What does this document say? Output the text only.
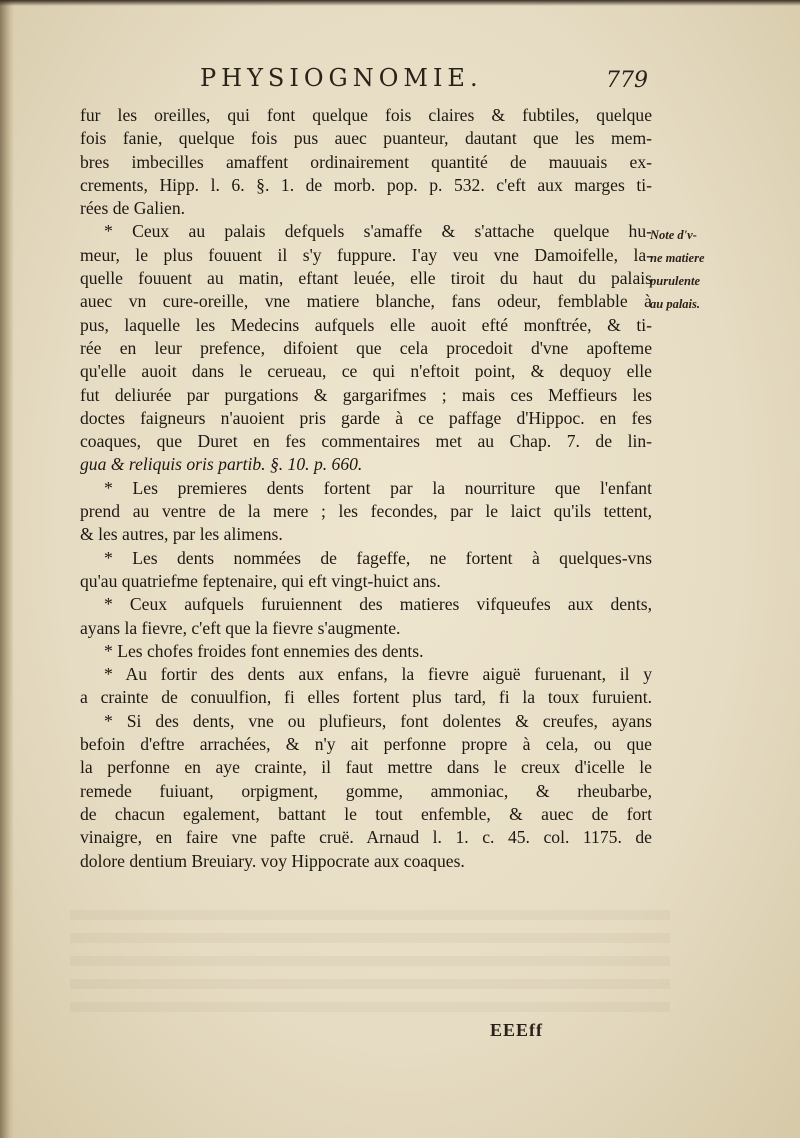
PHYSIOGNOMIE.	779
fur les oreilles, qui font quelque fois claires & fubtiles, quelque
fois fanie, quelque fois pus auec puanteur, dautant que les mem-
bres imbecilles amaffent ordinairement quantité de mauuais ex-
crements, Hipp. l. 6. §. 1. de morb. pop. p. 532. c'eft aux marges ti-
rées de Galien.
* Ceux au palais defquels s'amaffe & s'attache quelque hu-
meur, le plus fouuent il s'y fuppure. I'ay veu vne Damoifelle, la-
quelle fouuent au matin, eftant leuée, elle tiroit du haut du palais
auec vn cure-oreille, vne matiere blanche, fans odeur, femblable à
pus, laquelle les Medecins aufquels elle auoit efté monftrée, & ti-
rée en leur prefence, difoient que cela procedoit d'vne apofteme
qu'elle auoit dans le cerueau, ce qui n'eftoit point, & dequoy elle
fut deliurée par purgations & gargarifmes ; mais ces Meffieurs les
doctes faigneurs n'auoient pris garde à ce paffage d'Hippoc. en fes
coaques, que Duret en fes commentaires met au Chap. 7. de lin-
gua & reliquis oris partib. §. 10. p. 660.
* Les premieres dents fortent par la nourriture que l'enfant
prend au ventre de la mere ; les fecondes, par le laict qu'ils tettent,
& les autres, par les alimens.
* Les dents nommées de fageffe, ne fortent à quelques-vns
qu'au quatriefme feptenaire, qui eft vingt-huict ans.
* Ceux aufquels furuiennent des matieres vifqueufes aux dents,
ayans la fievre, c'eft que la fievre s'augmente.
* Les chofes froides font ennemies des dents.
* Au fortir des dents aux enfans, la fievre aiguë furuenant, il y
a crainte de conuulfion, fi elles fortent plus tard, fi la toux furuient.
* Si des dents, vne ou plufieurs, font dolentes & creufes, ayans
befoin d'eftre arrachées, & n'y ait perfonne propre à cela, ou que
la perfonne en aye crainte, il faut mettre dans le creux d'icelle le
remede fuiuant, orpigment, gomme, ammoniac, & rheubarbe,
de chacun egalement, battant le tout enfemble, & auec de fort
vinaigre, en faire vne pafte cruë. Arnaud l. 1. c. 45. col. 1175. de
dolore dentium Breuiary. voy Hippocrate aux coaques.
Note d'v-
ne matiere
purulente
au palais.
EEEff
